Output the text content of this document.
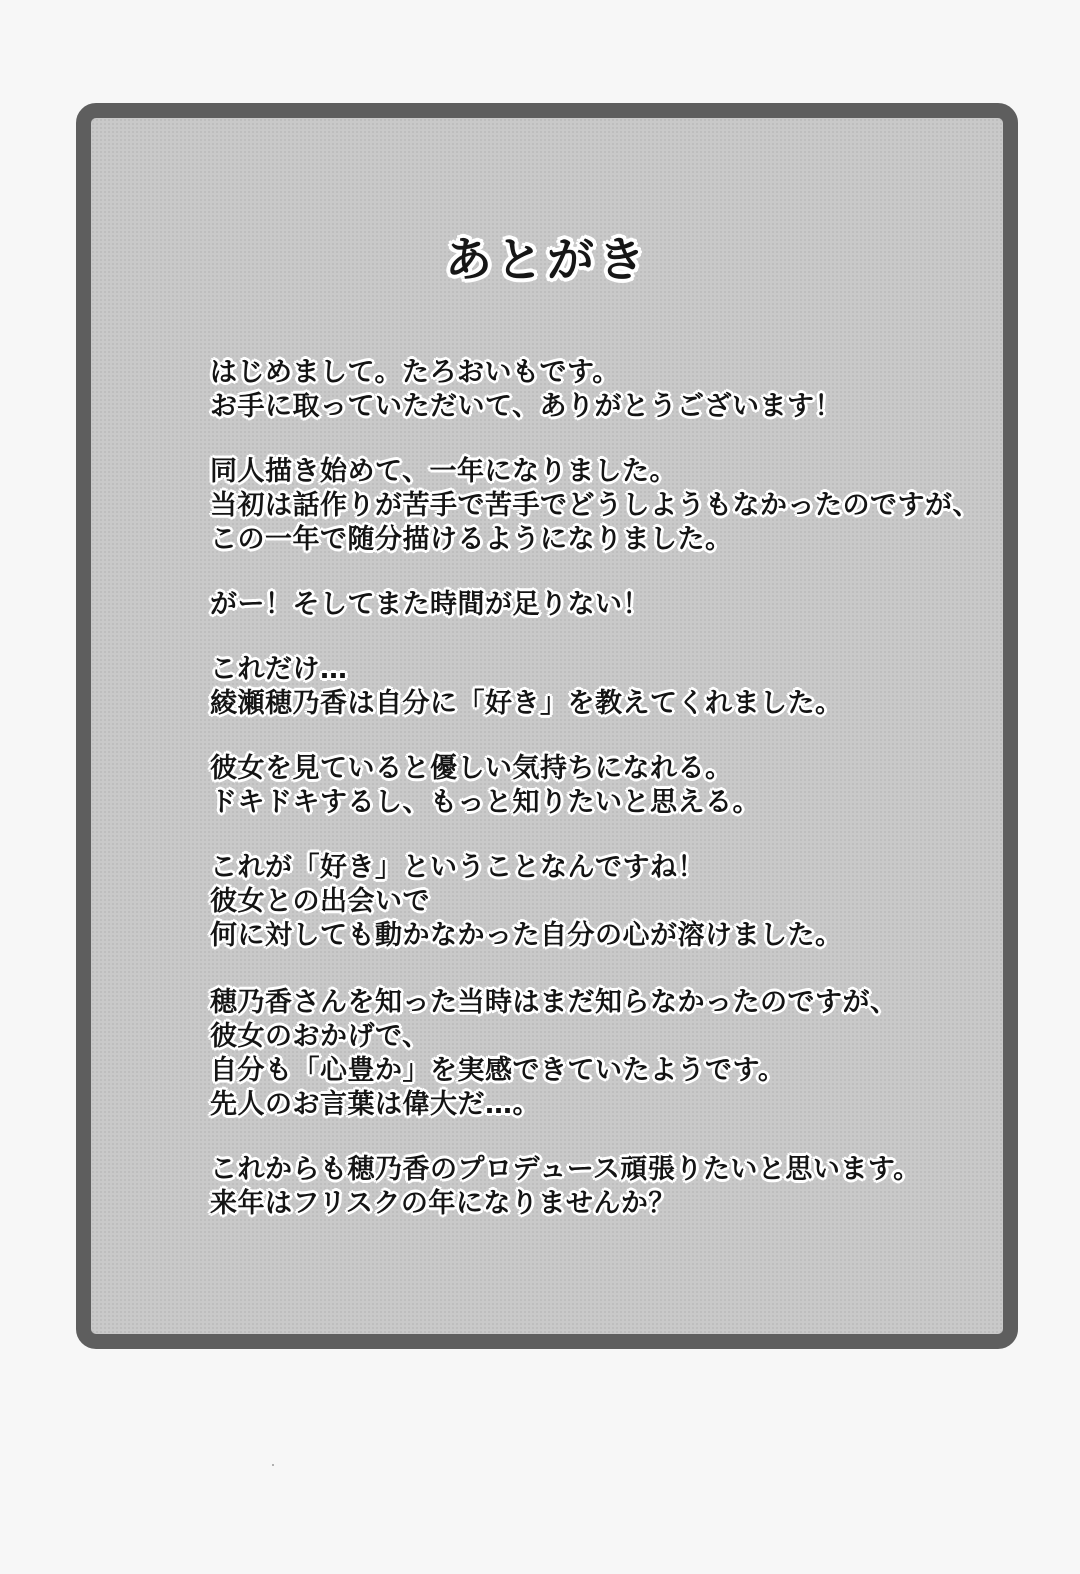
あとがき
はじめまして。たろおいもです。
お手に取っていただいて、ありがとうございます！
同人描き始めて、一年になりました。
当初は話作りが苦手で苦手でどうしようもなかったのですが、
この一年で随分描けるようになりました。
がー！そしてまた時間が足りない！
これだけ…
綾瀬穂乃香は自分に「好き」を教えてくれました。
彼女を見ていると優しい気持ちになれる。
ドキドキするし、もっと知りたいと思える。
これが「好き」ということなんですね！
彼女との出会いで
何に対しても動かなかった自分の心が溶けました。
穂乃香さんを知った当時はまだ知らなかったのですが、
彼女のおかげで、
自分も「心豊か」を実感できていたようです。
先人のお言葉は偉大だ…。
これからも穂乃香のプロデュース頑張りたいと思います。
来年はフリスクの年になりませんか？
